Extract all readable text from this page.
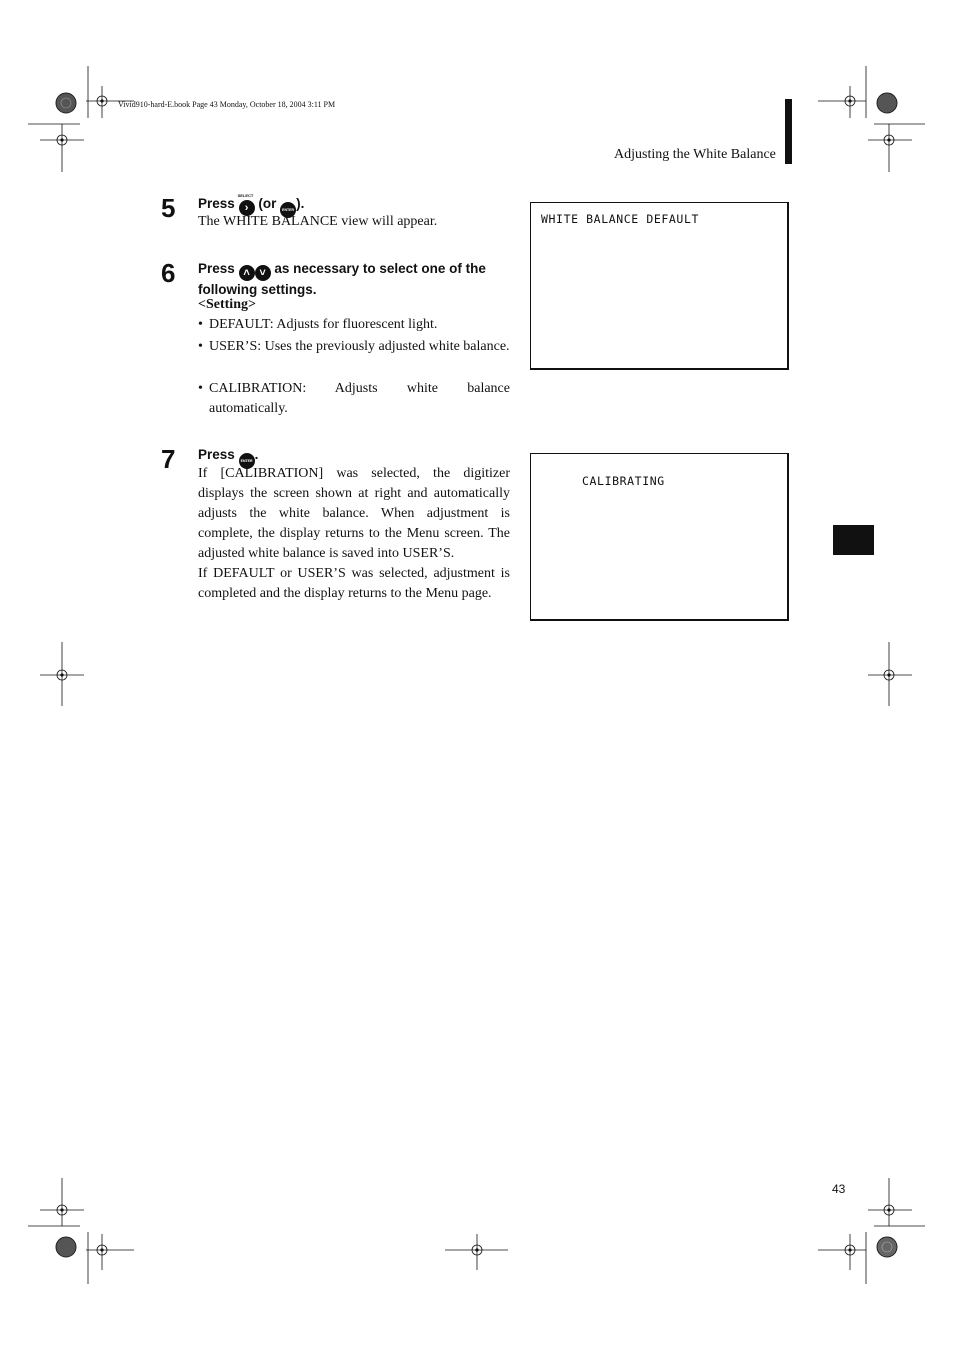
Vivid910-hard-E.book Page 43 Monday, October 18, 2004 3:11 PM
Adjusting the White Balance
5 Press ›
SELECT
(or ENTER ).
The WHITE BALANCE view will appear.
6 Press ˄ ˅ as necessary to select one of the following settings.
<Setting>
• DEFAULT: Adjusts for fluorescent light.
• USER’S: Uses the previously adjusted white balance.
• CALIBRATION: Adjusts white balance automatically.
7 Press ENTER .
If [CALIBRATION] was selected, the digitizer displays the screen shown at right and automatically adjusts the white balance. When adjustment is complete, the display returns to the Menu screen. The adjusted white balance is saved into USER’S.
If DEFAULT or USER’S was selected, adjustment is completed and the display returns to the Menu page.
WHITE BALANCE DEFAULT
CALIBRATING
43
